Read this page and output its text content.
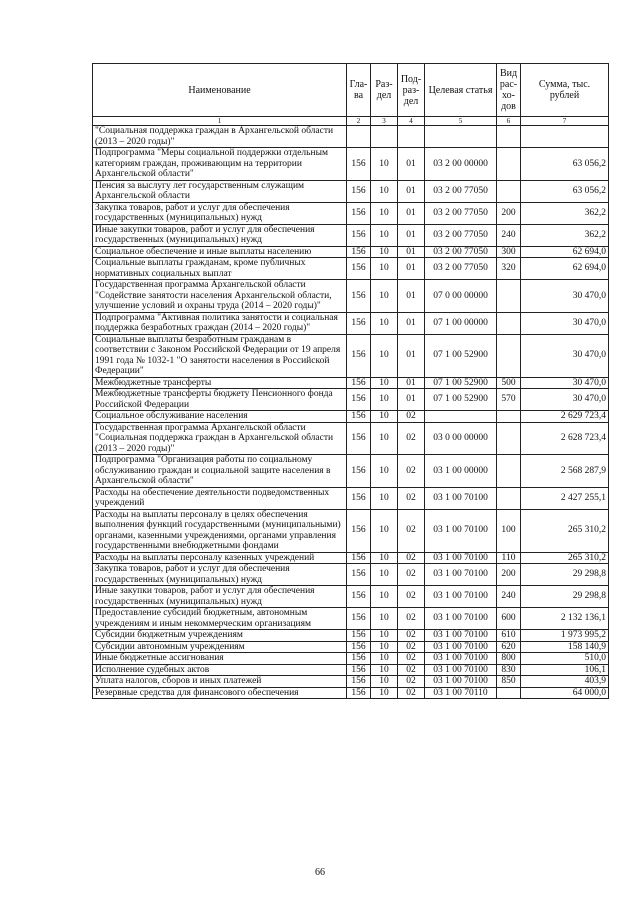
Наименование	Гла-ва	Раз-дел	Под-раз-дел	Целевая статья	Вид рас-хо-дов	Сумма, тыс. рублей
1	2	3	4	5	6	7
"Социальная поддержка граждан в Архангельской области (2013 – 2020 годы)"						
Подпрограмма "Меры социальной поддержки отдельным категориям граждан, проживающим на территории Архангельской области"	156	10	01	03 2 00 00000		63 056,2
Пенсия за выслугу лет государственным служащим Архангельской области	156	10	01	03 2 00 77050		63 056,2
Закупка товаров, работ и услуг для обеспечения государственных (муниципальных) нужд	156	10	01	03 2 00 77050	200	362,2
Иные закупки товаров, работ и услуг для обеспечения государственных (муниципальных) нужд	156	10	01	03 2 00 77050	240	362,2
Социальное обеспечение и иные выплаты населению	156	10	01	03 2 00 77050	300	62 694,0
Социальные выплаты гражданам, кроме публичных нормативных социальных выплат	156	10	01	03 2 00 77050	320	62 694,0
Государственная программа Архангельской области "Содействие занятости населения Архангельской области, улучшение условий и охраны труда (2014 – 2020 годы)"	156	10	01	07 0 00 00000		30 470,0
Подпрограмма "Активная политика занятости и социальная поддержка безработных граждан (2014 – 2020 годы)"	156	10	01	07 1 00 00000		30 470,0
Социальные выплаты безработным гражданам в соответствии с Законом Российской Федерации от 19 апреля 1991 года № 1032-1 "О занятости населения в Российской Федерации"	156	10	01	07 1 00 52900		30 470,0
Межбюджетные трансферты	156	10	01	07 1 00 52900	500	30 470,0
Межбюджетные трансферты бюджету Пенсионного фонда Российской Федерации	156	10	01	07 1 00 52900	570	30 470,0
Социальное обслуживание населения	156	10	02			2 629 723,4
Государственная программа Архангельской области "Социальная поддержка граждан в Архангельской области (2013 – 2020 годы)"	156	10	02	03 0 00 00000		2 628 723,4
Подпрограмма "Организация работы по социальному обслуживанию граждан и социальной защите населения в Архангельской области"	156	10	02	03 1 00 00000		2 568 287,9
Расходы на обеспечение деятельности подведомственных учреждений	156	10	02	03 1 00 70100		2 427 255,1
Расходы на выплаты персоналу в целях обеспечения выполнения функций государственными (муниципальными) органами, казенными учреждениями, органами управления государственными внебюджетными фондами	156	10	02	03 1 00 70100	100	265 310,2
Расходы на выплаты персоналу казенных учреждений	156	10	02	03 1 00 70100	110	265 310,2
Закупка товаров, работ и услуг для обеспечения государственных (муниципальных) нужд	156	10	02	03 1 00 70100	200	29 298,8
Иные закупки товаров, работ и услуг для обеспечения государственных (муниципальных) нужд	156	10	02	03 1 00 70100	240	29 298,8
Предоставление субсидий бюджетным, автономным учреждениям и иным некоммерческим организациям	156	10	02	03 1 00 70100	600	2 132 136,1
Субсидии бюджетным учреждениям	156	10	02	03 1 00 70100	610	1 973 995,2
Субсидии автономным учреждениям	156	10	02	03 1 00 70100	620	158 140,9
Иные бюджетные ассигнования	156	10	02	03 1 00 70100	800	510,0
Исполнение судебных актов	156	10	02	03 1 00 70100	830	106,1
Уплата налогов, сборов и иных платежей	156	10	02	03 1 00 70100	850	403,9
Резервные средства для финансового обеспечения	156	10	02	03 1 00 70110		64 000,0
66
